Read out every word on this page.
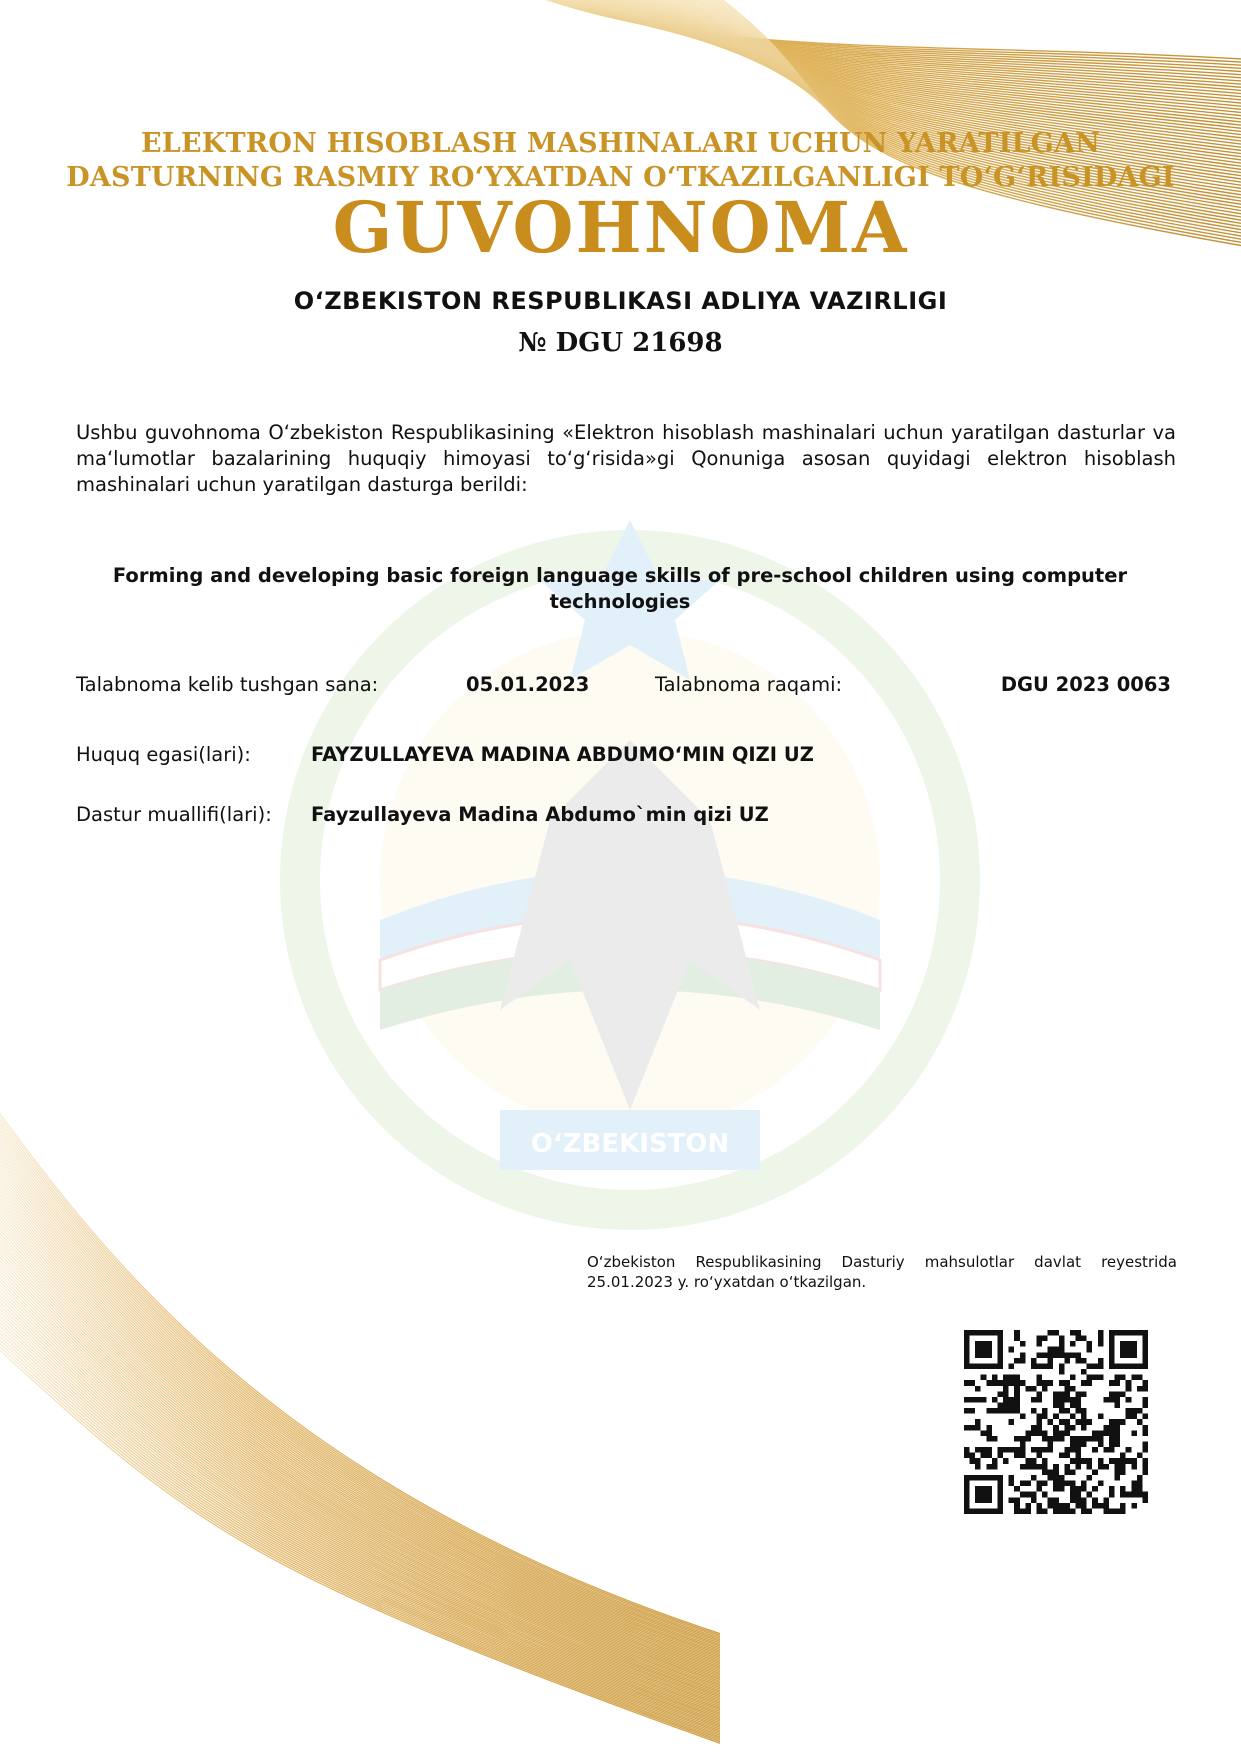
O‘ZBEKISTON
ELEKTRON HISOBLASH MASHINALARI UCHUN YARATILGAN
DASTURNING RASMIY RO‘YXATDAN O‘TKAZILGANLIGI TO‘G‘RISIDAGI
GUVOHNOMA
O‘ZBEKISTON RESPUBLIKASI ADLIYA VAZIRLIGI
№ DGU 21698
Ushbu guvohnoma O‘zbekiston Respublikasining «Elektron hisoblash mashinalari uchun yaratilgan dasturlar va ma‘lumotlar bazalarining huquqiy himoyasi to‘g‘risida»gi Qonuniga asosan quyidagi elektron hisoblash mashinalari uchun yaratilgan dasturga berildi:
Forming and developing basic foreign language skills of pre-school children using computer technologies
Talabnoma kelib tushgan sana:	05.01.2023	Talabnoma raqami:	DGU 2023 0063
Huquq egasi(lari):	FAYZULLAYEVA MADINA ABDUMO‘MIN QIZI UZ
Dastur muallifi(lari): Fayzullayeva Madina Abdumo`min qizi UZ
O‘zbekiston Respublikasining Dasturiy mahsulotlar davlat reyestrida 25.01.2023 y. ro‘yxatdan o‘tkazilgan.
